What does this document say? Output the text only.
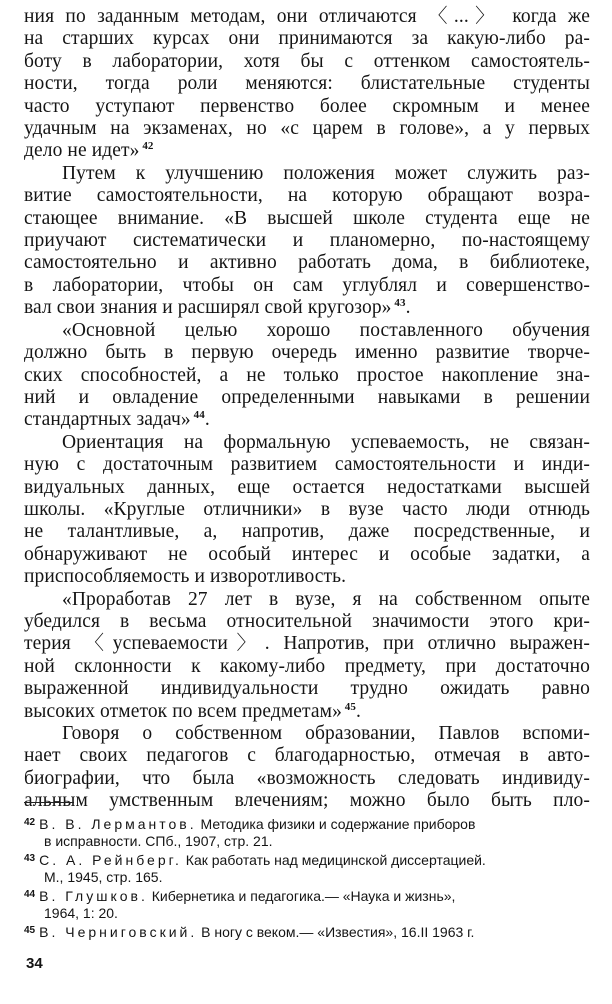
ния по заданным методам, они отличаются 〈...〉 когда же
на старших курсах они принимаются за какую-либо ра-
боту в лаборатории, хотя бы с оттенком самостоятель-
ности, тогда роли меняются: блистательные студенты
часто уступают первенство более скромным и менее
удачным на экзаменах, но «с царем в голове», а у первых
дело не идет» $^{42}$

Путем к улучшению положения может служить раз-
витие самостоятельности, на которую обращают возра-
стающее внимание. «В высшей школе студента еще не
приучают систематически и планомерно, по-настоящему
самостоятельно и активно работать дома, в библиотеке,
в лаборатории, чтобы он сам углублял и совершенство-
вал свои знания и расширял свой кругозор» $^{43}$.

«Основной целью хорошо поставленного обучения
должно быть в первую очередь именно развитие творче-
ских способностей, а не только простое накопление зна-
ний и овладение определенными навыками в решении
стандартных задач» $^{44}$.

Ориентация на формальную успеваемость, не связан-
ную с достаточным развитием самостоятельности и инди-
видуальных данных, еще остается недостатками высшей
школы. «Круглые отличники» в вузе часто люди отнюдь
не талантливые, а, напротив, даже посредственные, и
обнаруживают не особый интерес и особые задатки, а
приспособляемость и изворотливость.

«Проработав 27 лет в вузе, я на собственном опыте
убедился в весьма относительной значимости этого кри-
терия 〈успеваемости〉. Напротив, при отлично выражен-
ной склонности к какому-либо предмету, при достаточно
выраженной индивидуальности трудно ожидать равно
высоких отметок по всем предметам» $^{45}$.

Говоря о собственном образовании, Павлов вспоми-
нает своих педагогов с благодарностью, отмечая в авто-
биографии, что была «возможность следовать индивиду-
альным умственным влечениям; можно было быть пло-

$^{42}$ В. В. Лермантов. Методика физики и содержание приборов
в исправности. СПб., 1907, стр. 21.
$^{43}$ С. А. Рейнберг. Как работать над медицинской диссертацией.
М., 1945, стр. 165.
$^{44}$ В. Глушков. Кибернетика и педагогика.— «Наука и жизнь»,
1964, 1: 20.
$^{45}$ В. Черниговский. В ногу с веком.— «Известия», 16.II 1963 г.
34
